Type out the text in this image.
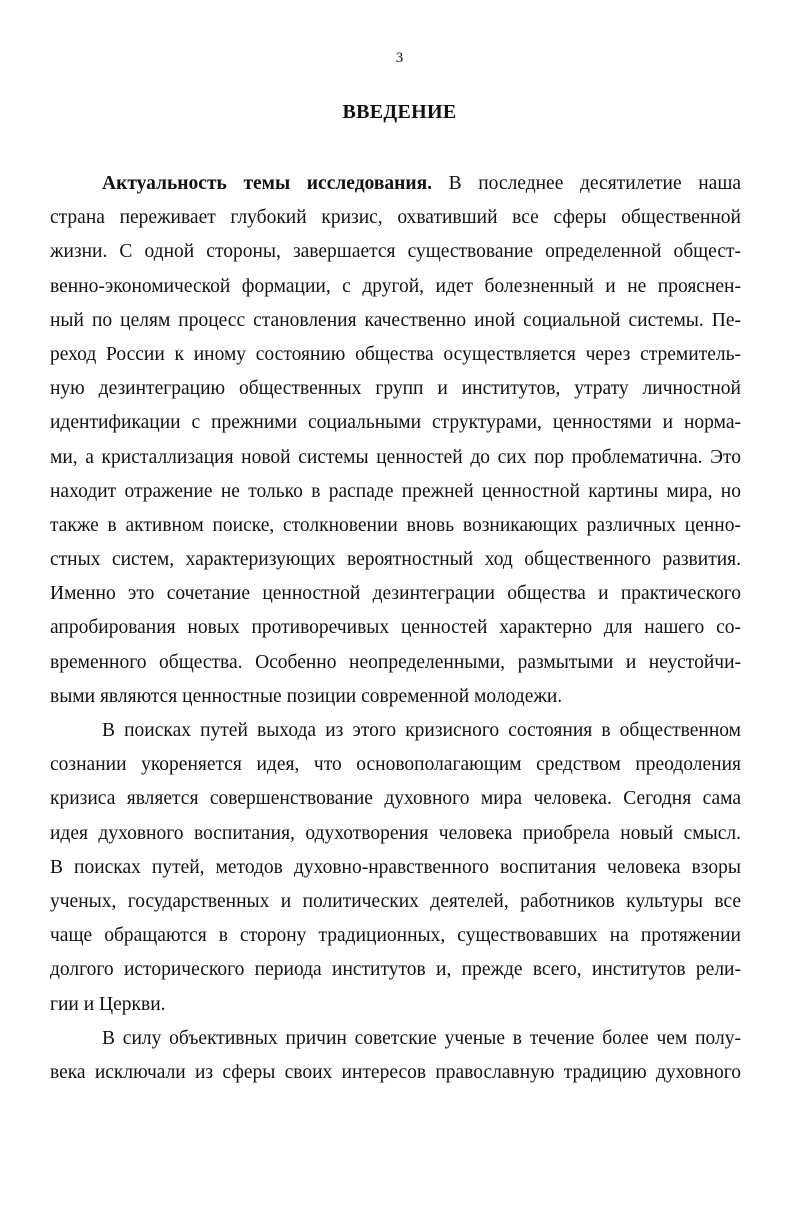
3
ВВЕДЕНИЕ
Актуальность темы исследования. В последнее десятилетие наша
страна переживает глубокий кризис, охвативший все сферы общественной
жизни. С одной стороны, завершается существование определенной общест-
венно-экономической формации, с другой, идет болезненный и не прояснен-
ный по целям процесс становления качественно иной социальной системы. Пе-
реход России к иному состоянию общества осуществляется через стремитель-
ную дезинтеграцию общественных групп и институтов, утрату личностной
идентификации с прежними социальными структурами, ценностями и норма-
ми, а кристаллизация новой системы ценностей до сих пор проблематична. Это
находит отражение не только в распаде прежней ценностной картины мира, но
также в активном поиске, столкновении вновь возникающих различных ценно-
стных систем, характеризующих вероятностный ход общественного развития.
Именно это сочетание ценностной дезинтеграции общества и практического
апробирования новых противоречивых ценностей характерно для нашего со-
временного общества. Особенно неопределенными, размытыми и неустойчи-
выми являются ценностные позиции современной молодежи.
В поисках путей выхода из этого кризисного состояния в общественном
сознании укореняется идея, что основополагающим средством преодоления
кризиса является совершенствование духовного мира человека. Сегодня сама
идея духовного воспитания, одухотворения человека приобрела новый смысл.
В поисках путей, методов духовно-нравственного воспитания человека взоры
ученых, государственных и политических деятелей, работников культуры все
чаще обращаются в сторону традиционных, существовавших на протяжении
долгого исторического периода институтов и, прежде всего, институтов рели-
гии и Церкви.
В силу объективных причин советские ученые в течение более чем полу-
века исключали из сферы своих интересов православную традицию духовного
